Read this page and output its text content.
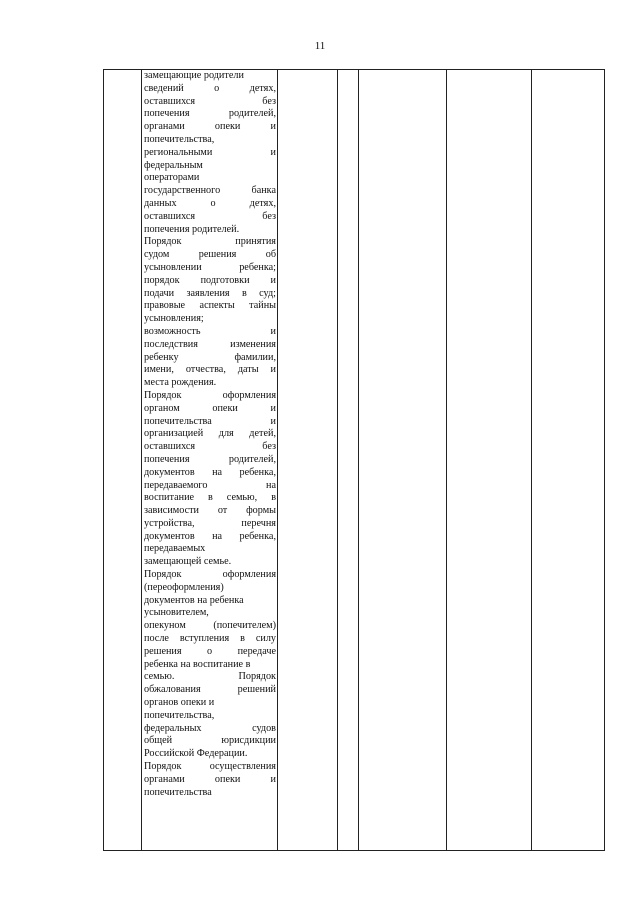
11
замещающие родители
сведений о детях,
оставшихся без
попечения родителей,
органами опеки и
попечительства,
региональными и
федеральным
операторами
государственного банка
данных о детях,
оставшихся без
попечения родителей.
Порядок принятия
судом решения об
усыновлении ребенка;
порядок подготовки и
подачи заявления в суд;
правовые аспекты тайны
усыновления;
возможность и
последствия изменения
ребенку фамилии,
имени, отчества, даты и
места рождения.
Порядок оформления
органом опеки и
попечительства и
организацией для детей,
оставшихся без
попечения родителей,
документов на ребенка,
передаваемого на
воспитание в семью, в
зависимости от формы
устройства, перечня
документов на ребенка,
передаваемых
замещающей семье.
Порядок оформления
(переоформления)
документов на ребенка
усыновителем,
опекуном (попечителем)
после вступления в силу
решения о передаче
ребенка на воспитание в
семью. Порядок
обжалования решений
органов опеки и
попечительства,
федеральных судов
общей юрисдикции
Российской Федерации.
Порядок осуществления
органами опеки и
попечительства
